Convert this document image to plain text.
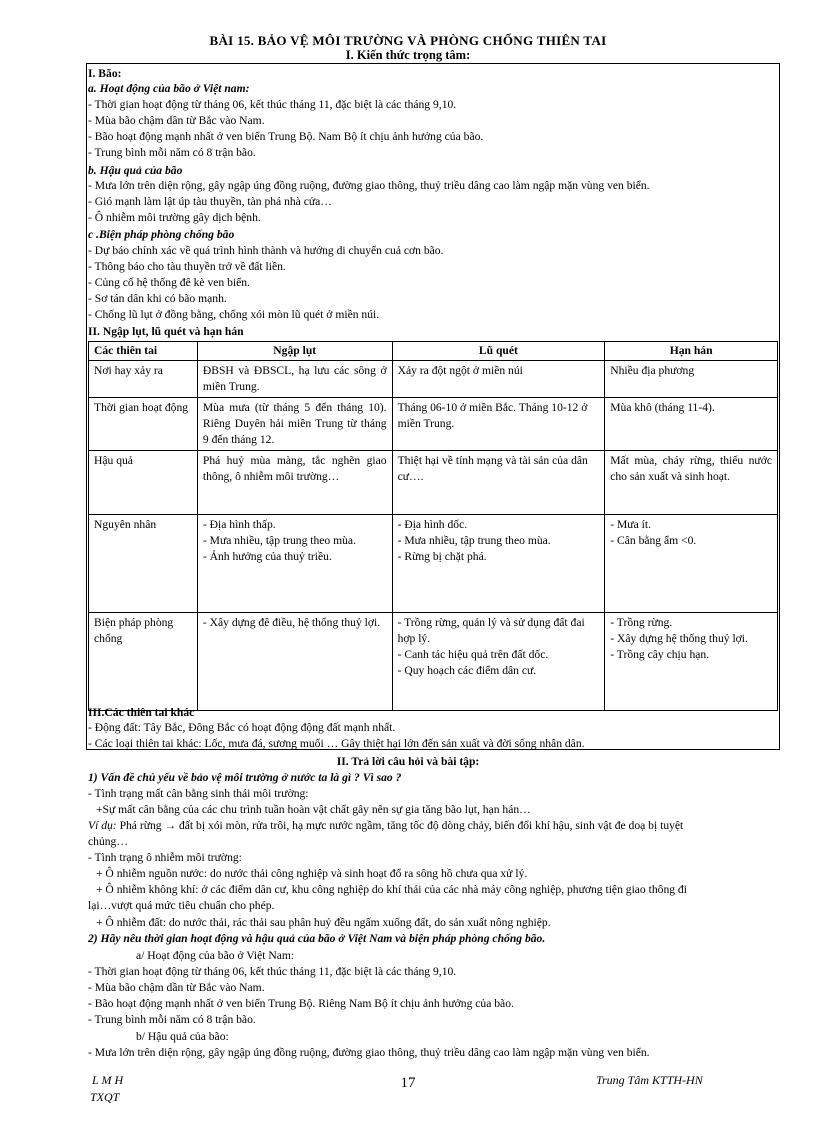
BÀI 15. BẢO VỆ MÔI TRƯỜNG VÀ PHÒNG CHỐNG THIÊN TAI
I. Kiến thức trọng tâm:
I. Bão:
a. Hoạt động của bão ở Việt nam:
- Thời gian hoạt động từ tháng 06, kết thúc tháng 11, đặc biệt là các tháng 9,10.
- Mùa bão chậm dần từ Bắc vào Nam.
- Bão hoạt động mạnh nhất ở ven biển Trung Bộ. Nam Bộ ít chịu ảnh hưởng của bão.
- Trung bình mỗi năm có 8 trận bão.
b. Hậu quả của bão
- Mưa lớn trên diện rộng, gây ngập úng đồng ruộng, đường giao thông, thuỷ triều dâng cao làm ngập mặn vùng ven biển.
- Gió mạnh làm lật úp tàu thuyền, tàn phá nhà cửa…
- Ô nhiễm môi trường gây dịch bệnh.
c .Biện pháp phòng chống bão
- Dự báo chính xác về quá trình hình thành và hướng di chuyển cuả cơn bão.
- Thông báo cho tàu thuyền trở về đất liền.
- Củng cố hệ thống đê kè ven biển.
- Sơ tán dân khi có bão mạnh.
- Chống lũ lụt ở đồng bằng, chống xói mòn lũ quét ở miền núi.
II. Ngập lụt, lũ quét và hạn hán
Các thiên tai	Ngập lụt	Lũ quét	Hạn hán
Nơi hay xảy ra	ĐBSH và ĐBSCL, hạ lưu các sông ở miền Trung.	Xảy ra đột ngột ở miền núi	Nhiều địa phương

Thời gian hoạt động	Mùa mưa (từ tháng 5 đến tháng 10). Riêng Duyên hải miền Trung từ tháng 9 đến tháng 12.	Tháng 06-10 ở miền Bắc. Tháng 10-12 ở miền Trung.	Mùa khô (tháng 11-4).

Hậu quả	Phá huỷ mùa màng, tắc nghẽn giao thông, ô nhiễm môi trường…	Thiệt hại về tính mạng và tài sản của dân cư….	Mất mùa, cháy rừng, thiếu nước cho sản xuất và sinh hoạt.

Nguyên nhân	- Địa hình thấp.
- Mưa nhiều, tập trung theo mùa.
- Ảnh hưởng của thuỷ triều.	- Địa hình dốc.
- Mưa nhiều, tập trung theo mùa.
- Rừng bị chặt phá.	- Mưa ít.
- Cân bằng ẩm <0.

Biện pháp phòng chống	- Xây dựng đê điều, hệ thống thuỷ lợi.	- Trồng rừng, quản lý và sử dụng đất đai hợp lý.
- Canh tác hiệu quả trên đất dốc.
- Quy hoạch các điểm dân cư.	- Trồng rừng.
- Xây dựng hệ thống thuỷ lợi.
- Trồng cây chịu hạn.
III.Các thiên tai khác
- Động đất: Tây Bắc, Đông Bắc có hoạt động động đất mạnh nhất.
- Các loại thiên tai khác: Lốc, mưa đá, sương muối … Gây thiệt hại lớn đến sản xuất và đời sống nhân dân.
II. Trả lời câu hỏi và bài tập:
1) Vấn đề chủ yếu về bảo vệ môi trường ở nước ta là gì ? Vì sao ?
- Tình trạng mất cân bằng sinh thái môi trường:
+Sự mất cân bằng của các chu trình tuần hoàn vật chất gây nên sự gia tăng bão lụt, hạn hán…
Ví dụ: Phá rừng → đất bị xói mòn, rửa trôi, hạ mực nước ngầm, tăng tốc độ dòng chảy, biến đổi khí hậu, sinh vật đe doạ bị tuyệt
chủng…
- Tình trạng ô nhiễm môi trường:
+ Ô nhiễm nguồn nước: do nước thải công nghiệp và sinh hoạt đổ ra sông hồ chưa qua xử lý.
+ Ô nhiễm không khí: ở các điểm dân cư, khu công nghiệp do khí thải của các nhà máy công nghiệp, phương tiện giao thông đi
lại…vượt quá mức tiêu chuẩn cho phép.
+ Ô nhiễm đất: do nước thải, rác thải sau phân huỷ đều ngấm xuống đất, do sản xuất nông nghiệp.
2) Hãy nêu thời gian hoạt động và hậu quả của bão ở Việt Nam và biện pháp phòng chống bão.
a/ Hoạt động của bão ở Việt Nam:
- Thời gian hoạt động từ tháng 06, kết thúc tháng 11, đặc biệt là các tháng 9,10.
- Mùa bão chậm dần từ Bắc vào Nam.
- Bão hoạt động mạnh nhất ở ven biển Trung Bộ. Riêng Nam Bộ ít chịu ảnh hưởng của bão.
- Trung bình mỗi năm có 8 trận bão.
b/ Hậu quả của bão:
- Mưa lớn trên diện rộng, gây ngập úng đồng ruộng, đường giao thông, thuỷ triều dâng cao làm ngập mặn vùng ven biển.
L M H
TXQT
17	Trung Tâm KTTH-HN
